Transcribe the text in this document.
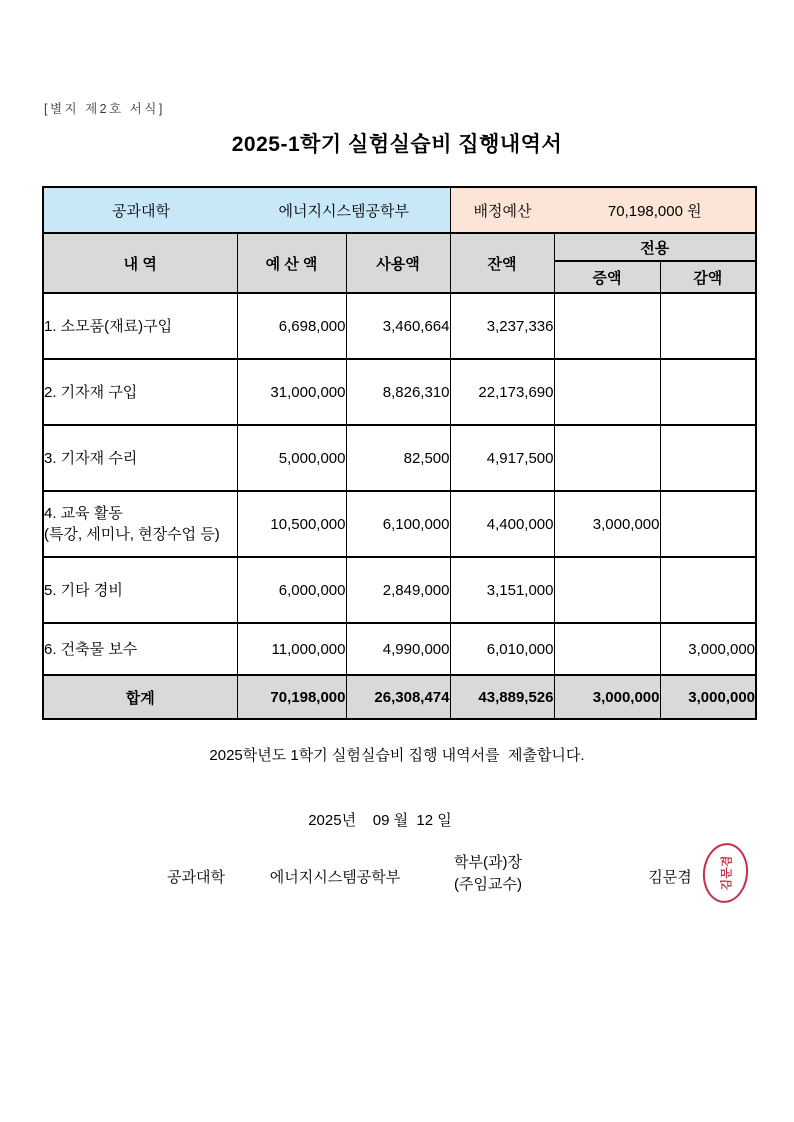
[별지 제2호 서식]
2025-1학기 실험실습비 집행내역서
공과대학 에너지시스템공학부			배정예산 70,198,000 원		

내 역	예 산 액	사용액	잔액	전용	
				증액	감액
1. 소모품(재료)구입	6,698,000	3,460,664	3,237,336		
2. 기자재 구입	31,000,000	8,826,310	22,173,690		
3. 기자재 수리	5,000,000	82,500	4,917,500		

4. 교육 활동
(특강, 세미나, 현장수업 등)	10,500,000	6,100,000	4,400,000	3,000,000	
5. 기타 경비	6,000,000	2,849,000	3,151,000		
6. 건축물 보수	11,000,000	4,990,000	6,010,000		3,000,000
합계	70,198,000	26,308,474	43,889,526	3,000,000	3,000,000
2025학년도 1학기 실험실습비 집행 내역서를  제출합니다.
2025년    09 월  12 일
공과대학	에너지시스템공학부
학부(과)장
(주임교수)	김문겸	김문겸
